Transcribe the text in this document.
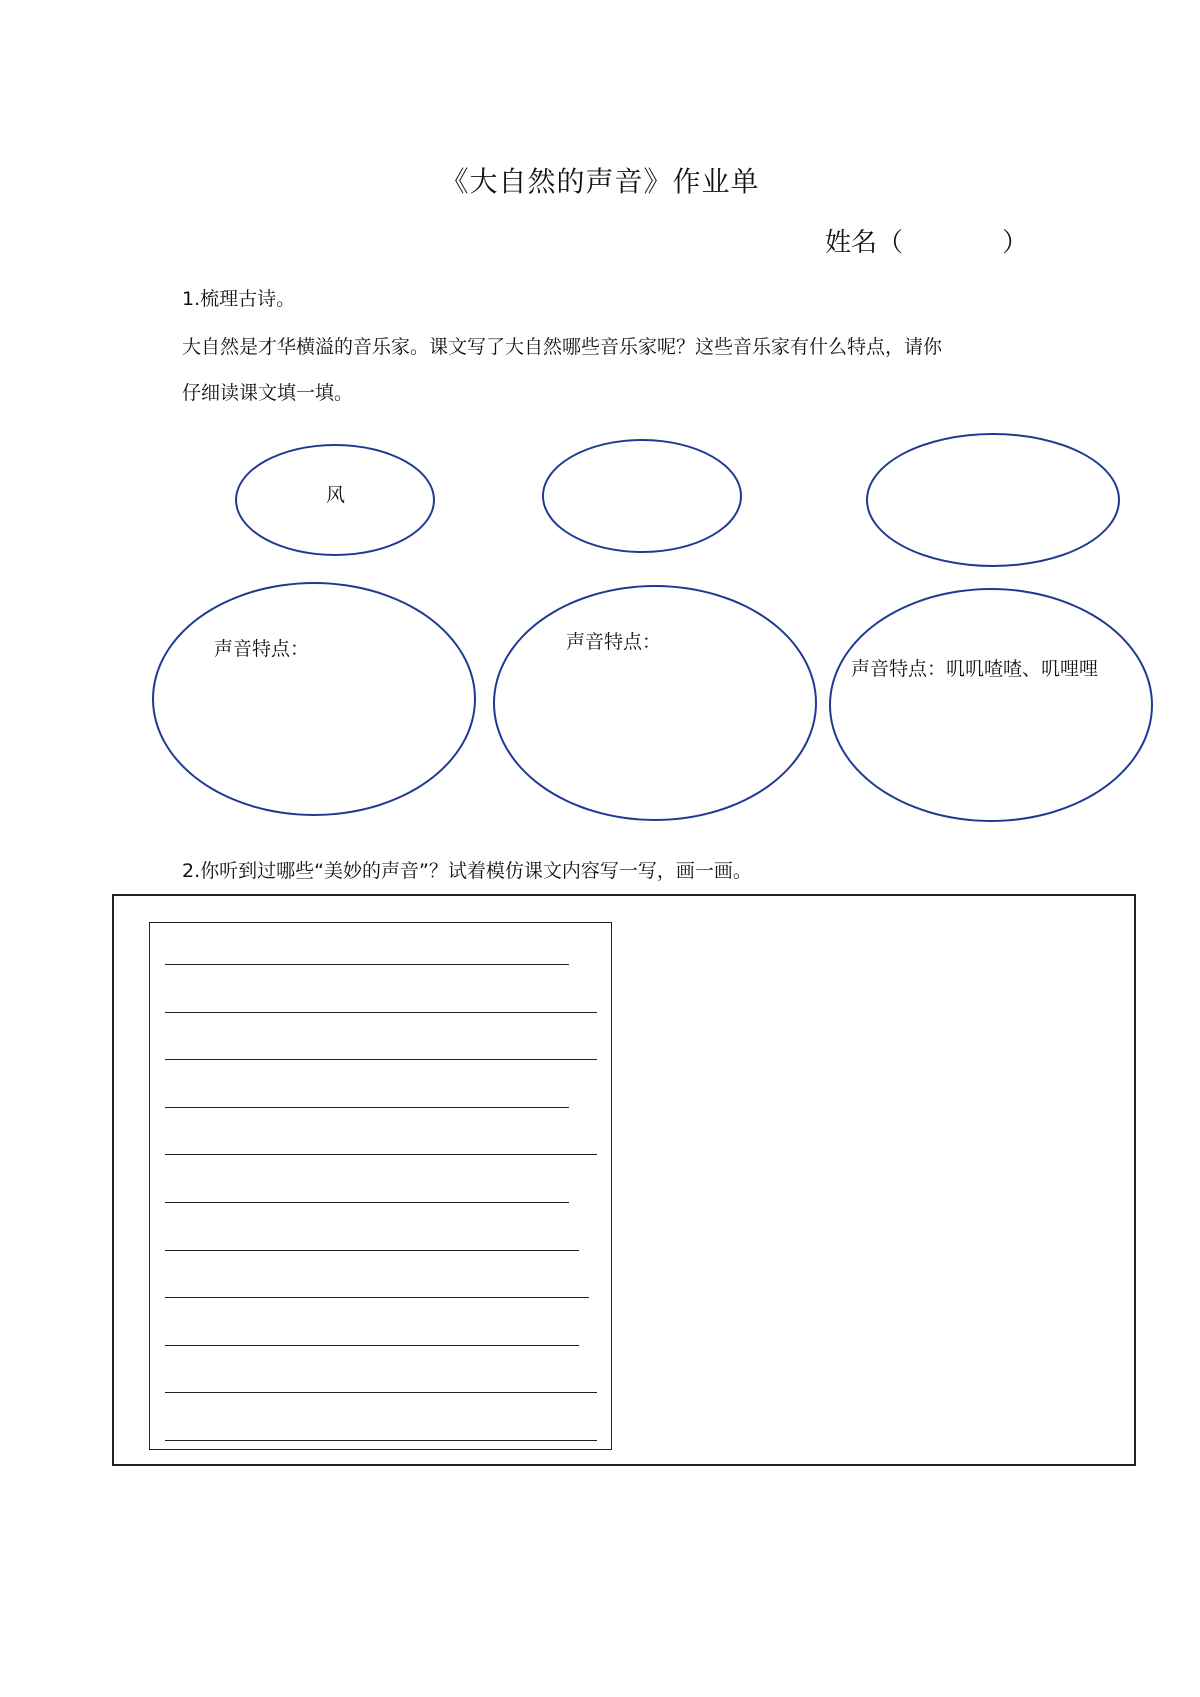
《大自然的声音》作业单
姓名（            ）
1.梳理古诗。
大自然是才华横溢的音乐家。课文写了大自然哪些音乐家呢？这些音乐家有什么特点，请你
仔细读课文填一填。
风
声音特点：	声音特点：
声音特点：叽叽喳喳、叽哩哩
2.你听到过哪些“美妙的声音”？试着模仿课文内容写一写，画一画。
